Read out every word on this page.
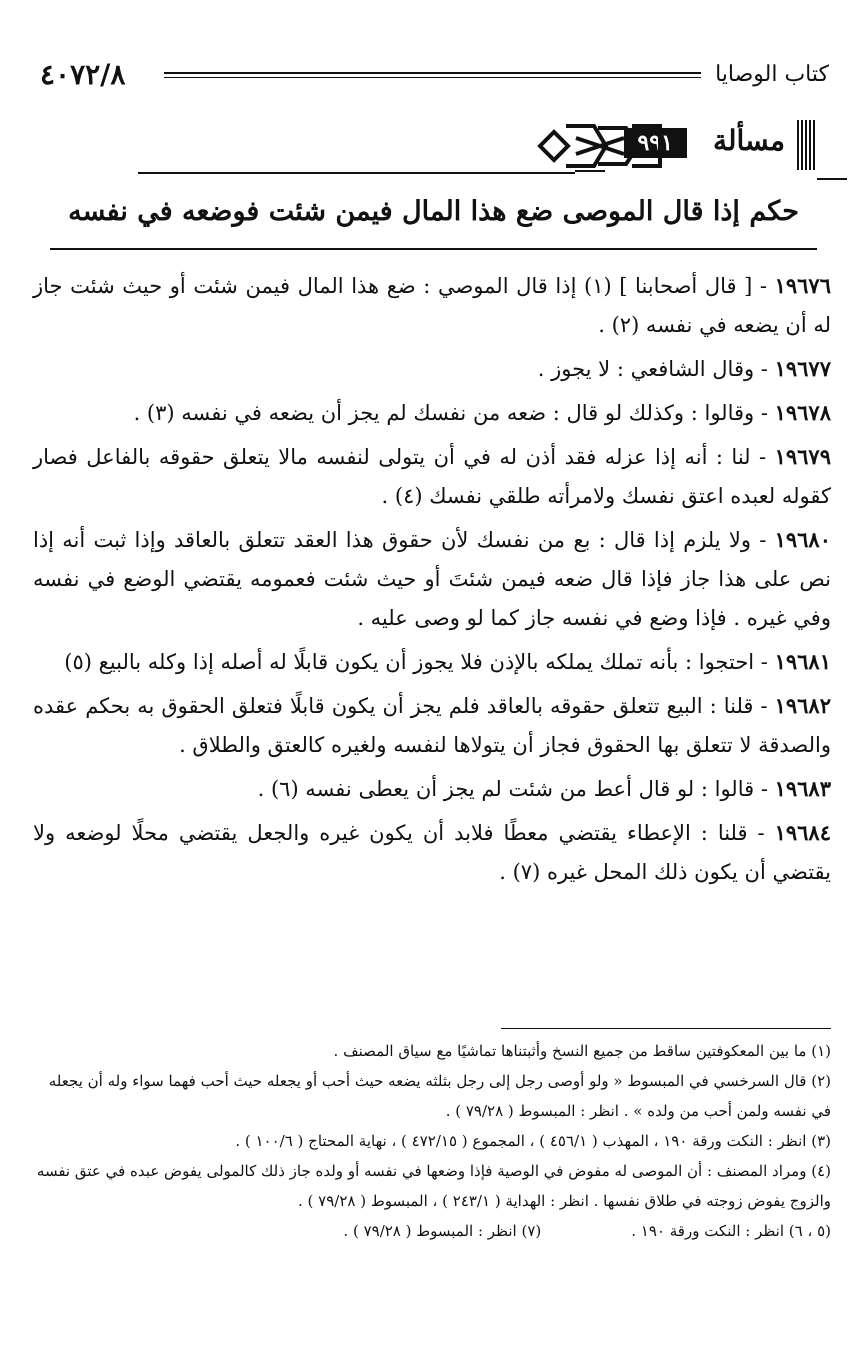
٤٠٧٢/٨	كتاب الوصايا
مسألة
٩٩١
حكم إذا قال الموصى ضع هذا المال فيمن شئت فوضعه في نفسه

١٩٦٧٦ - [ قال أصحابنا ] (١) إذا قال الموصي : ضع هذا المال فيمن شئت أو حيث شئت جاز له أن يضعه في نفسه (٢) .

١٩٦٧٧ - وقال الشافعي : لا يجوز .

١٩٦٧٨ - وقالوا : وكذلك لو قال : ضعه من نفسك لم يجز أن يضعه في نفسه (٣) .

١٩٦٧٩ - لنا : أنه إذا عزله فقد أذن له في أن يتولى لنفسه مالا يتعلق حقوقه بالفاعل فصار كقوله لعبده اعتق نفسك ولامرأته طلقي نفسك (٤) .

١٩٦٨٠ - ولا يلزم إذا قال : بع من نفسك لأن حقوق هذا العقد تتعلق بالعاقد وإذا ثبت أنه إذا نص على هذا جاز فإذا قال ضعه فيمن شئتَ أو حيث شئت فعمومه يقتضي الوضع في نفسه وفي غيره . فإذا وضع في نفسه جاز كما لو وصى عليه .

١٩٦٨١ - احتجوا : بأنه تملك يملكه بالإذن فلا يجوز أن يكون قابلًا له أصله إذا وكله بالبيع (٥)

١٩٦٨٢ - قلنا : البيع تتعلق حقوقه بالعاقد فلم يجز أن يكون قابلًا فتعلق الحقوق به بحكم عقده والصدقة لا تتعلق بها الحقوق فجاز أن يتولاها لنفسه ولغيره كالعتق والطلاق .

١٩٦٨٣ - قالوا : لو قال أعط من شئت لم يجز أن يعطى نفسه (٦) .

١٩٦٨٤ - قلنا : الإعطاء يقتضي معطًا فلابد أن يكون غيره والجعل يقتضي محلًا لوضعه ولا يقتضي أن يكون ذلك المحل غيره (٧) .

(١) ما بين المعكوفتين ساقط من جميع النسخ وأثبتناها تماشيًا مع سياق المصنف .

(٢) قال السرخسي في المبسوط « ولو أوصى رجل إلى رجل بثلثه يضعه حيث أحب أو يجعله حيث أحب فهما سواء وله أن يجعله في نفسه ولمن أحب من ولده » . انظر : المبسوط ( ٧٩/٢٨ ) .

(٣) انظر : النكت ورقة ١٩٠ ، المهذب ( ٤٥٦/١ ) ، المجموع ( ٤٧٢/١٥ ) ، نهاية المحتاج ( ١٠٠/٦ ) .

(٤) ومراد المصنف : أن الموصى له مفوض في الوصية فإذا وضعها في نفسه أو ولده جاز ذلك كالمولى يفوض عبده في عتق نفسه والزوج يفوض زوجته في طلاق نفسها . انظر : الهداية ( ٢٤٣/١ ) ، المبسوط ( ٧٩/٢٨ ) .

(٥ ، ٦) انظر : النكت ورقة ١٩٠ .
(٧) انظر : المبسوط ( ٧٩/٢٨ ) .
